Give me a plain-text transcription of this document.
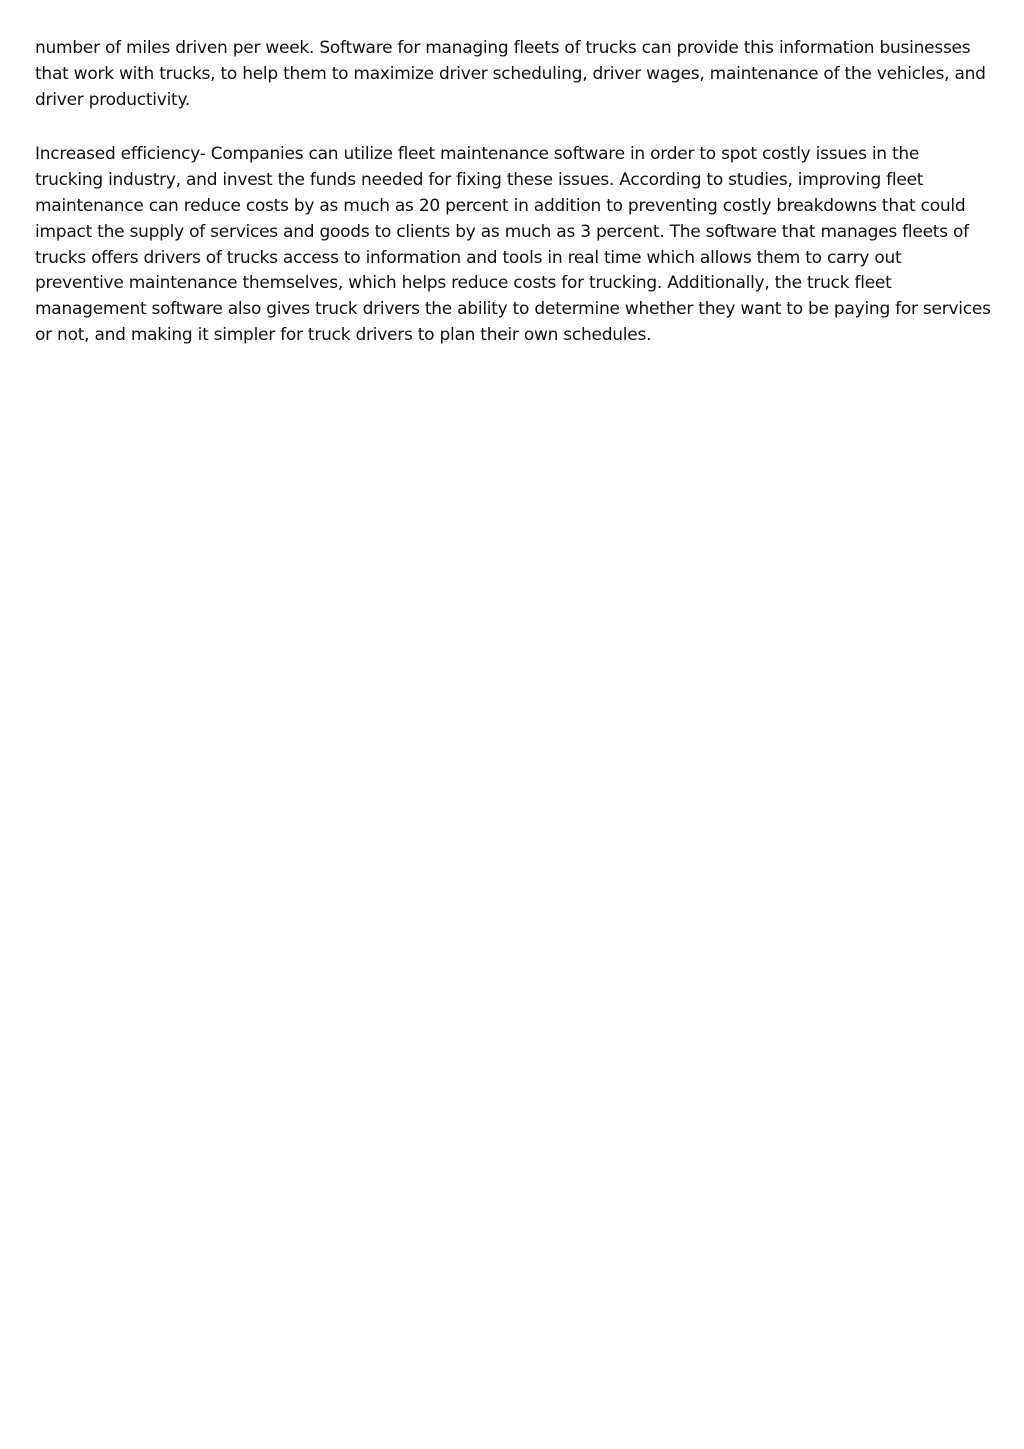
number of miles driven per week. Software for managing fleets of trucks can provide this information businesses
that work with trucks, to help them to maximize driver scheduling, driver wages, maintenance of the vehicles, and
driver productivity.

Increased efficiency- Companies can utilize fleet maintenance software in order to spot costly issues in the
trucking industry, and invest the funds needed for fixing these issues. According to studies, improving fleet
maintenance can reduce costs by as much as 20 percent in addition to preventing costly breakdowns that could
impact the supply of services and goods to clients by as much as 3 percent. The software that manages fleets of
trucks offers drivers of trucks access to information and tools in real time which allows them to carry out
preventive maintenance themselves, which helps reduce costs for trucking. Additionally, the truck fleet
management software also gives truck drivers the ability to determine whether they want to be paying for services
or not, and making it simpler for truck drivers to plan their own schedules.
